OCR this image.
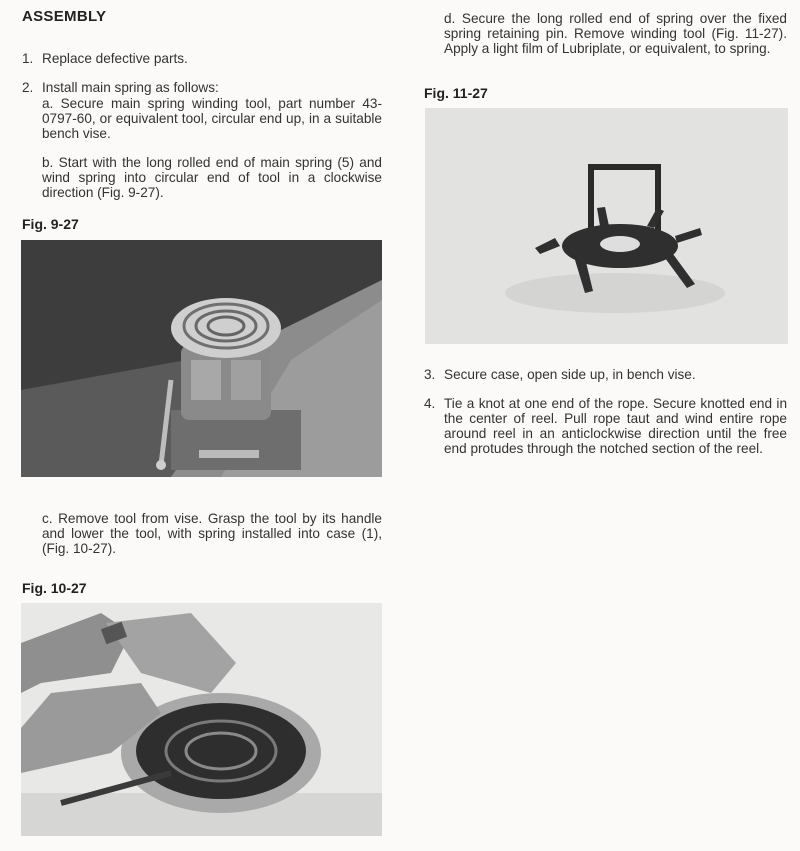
ASSEMBLY
1. Replace defective parts.
2. Install main spring as follows:
a. Secure main spring winding tool, part number 43-0797-60, or equivalent tool, circular end up, in a suitable bench vise.
b. Start with the long rolled end of main spring (5) and wind spring into circular end of tool in a clockwise direction (Fig. 9-27).
Fig. 9-27
c. Remove tool from vise. Grasp the tool by its handle and lower the tool, with spring installed into case (1), (Fig. 10-27).
Fig. 10-27
d. Secure the long rolled end of spring over the fixed spring retaining pin. Remove winding tool (Fig. 11-27). Apply a light film of Lubriplate, or equivalent, to spring.
Fig. 11-27
3. Secure case, open side up, in bench vise.
4. Tie a knot at one end of the rope. Secure knotted end in the center of reel. Pull rope taut and wind entire rope around reel in an anticlockwise direction until the free end protudes through the notched section of the reel.
